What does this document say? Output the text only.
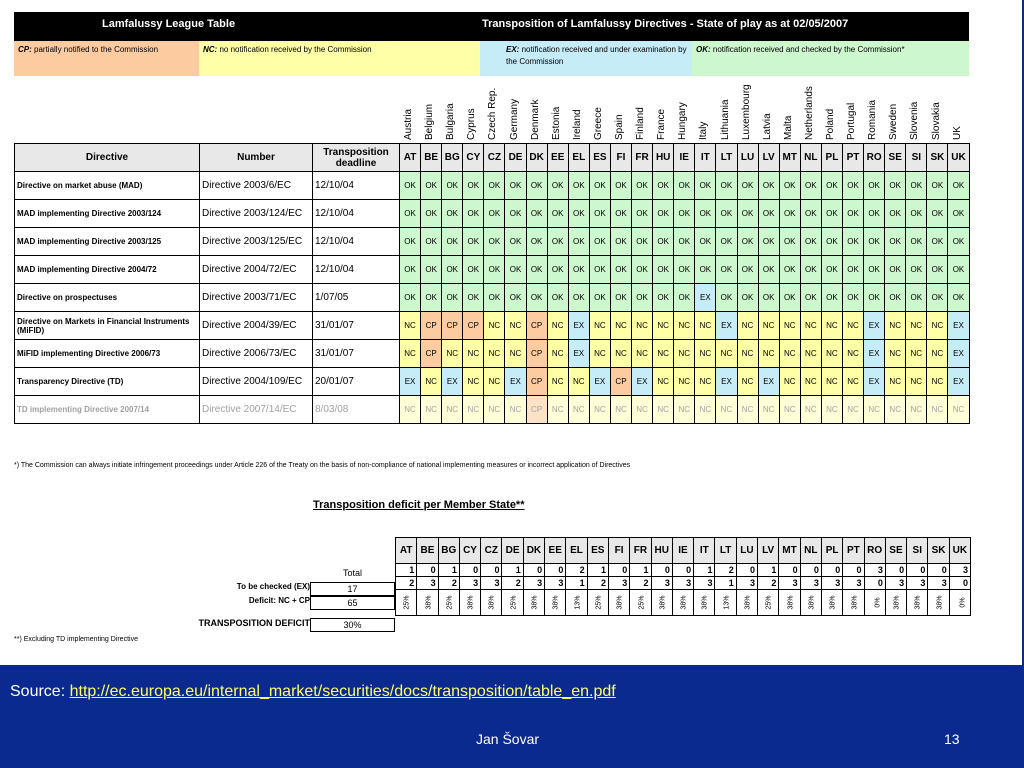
Lamfalussy League Table	Transposition of Lamfalussy Directives - State of play as at 02/05/2007
CP: partially notified to the Commission	NC: no notification received by the Commission	EX: notification received and under examination by the Commission
OK: notification received and checked by the Commission*
Austria Belgium Bulgaria Cyprus Czech Rep. Germany Denmark Estonia Ireland Greece Spain Finland France Hungary Italy Lithuania Luxembourg Latvia Malta Netherlands Poland Portugal Romania Sweden Slovenia Slovakia UK
Directive	Number	Transposition deadline	AT	BE	BG	CY	CZ	DE	DK	EE	EL	ES	FI	FR	HU	IE	IT	LT	LU	LV	MT	NL	PL	PT	RO	SE	SI	SK	UK
Directive on market abuse (MAD)	Directive 2003/6/EC	12/10/04	OK	OK	OK	OK	OK	OK	OK	OK	OK	OK	OK	OK	OK	OK	OK	OK	OK	OK	OK	OK	OK	OK	OK	OK	OK	OK	OK
MAD implementing Directive 2003/124	Directive 2003/124/EC	12/10/04	OK	OK	OK	OK	OK	OK	OK	OK	OK	OK	OK	OK	OK	OK	OK	OK	OK	OK	OK	OK	OK	OK	OK	OK	OK	OK	OK
MAD implementing Directive 2003/125	Directive 2003/125/EC	12/10/04	OK	OK	OK	OK	OK	OK	OK	OK	OK	OK	OK	OK	OK	OK	OK	OK	OK	OK	OK	OK	OK	OK	OK	OK	OK	OK	OK
MAD implementing Directive 2004/72	Directive 2004/72/EC	12/10/04	OK	OK	OK	OK	OK	OK	OK	OK	OK	OK	OK	OK	OK	OK	OK	OK	OK	OK	OK	OK	OK	OK	OK	OK	OK	OK	OK
Directive on prospectuses	Directive 2003/71/EC	1/07/05	OK	OK	OK	OK	OK	OK	OK	OK	OK	OK	OK	OK	OK	OK	EX	OK	OK	OK	OK	OK	OK	OK	OK	OK	OK	OK	OK
Directive on Markets in Financial Instruments (MiFID)	Directive 2004/39/EC	31/01/07	NC	CP	CP	CP	NC	NC	CP	NC	EX	NC	NC	NC	NC	NC	NC	EX	NC	NC	NC	NC	NC	NC	EX	NC	NC	NC	EX
MiFID implementing Directive 2006/73	Directive 2006/73/EC	31/01/07	NC	CP	NC	NC	NC	NC	CP	NC	EX	NC	NC	NC	NC	NC	NC	NC	NC	NC	NC	NC	NC	NC	EX	NC	NC	NC	EX
Transparency Directive (TD)	Directive 2004/109/EC	20/01/07	EX	NC	EX	NC	NC	EX	CP	NC	NC	EX	CP	EX	NC	NC	NC	EX	NC	EX	NC	NC	NC	NC	EX	NC	NC	NC	EX
TD implementing Directive 2007/14	Directive 2007/14/EC	8/03/08	NC	NC	NC	NC	NC	NC	CP	NC	NC	NC	NC	NC	NC	NC	NC	NC	NC	NC	NC	NC	NC	NC	NC	NC	NC	NC	NC
*) The Commission can always initiate infringement proceedings under Article 226 of the Treaty on the basis of non-compliance of national implementing measures or incorrect application of Directives
Transposition deficit per Member State**
Total
To be checked (EX)	17
Deficit: NC + CP	65
TRANSPOSITION DEFICIT	30%
AT	BE	BG	CY	CZ	DE	DK	EE	EL	ES	FI	FR	HU	IE	IT	LT	LU	LV	MT	NL	PL	PT	RO	SE	SI	SK	UK
1	0	1	0	0	1	0	0	2	1	0	1	0	0	1	2	0	1	0	0	0	0	3	0	0	0	3
2	3	2	3	3	2	3	3	1	2	3	2	3	3	3	1	3	2	3	3	3	3	0	3	3	3	0
25%	38%	25%	38%	38%	25%	38%	38%	13%	25%	38%	25%	38%	38%	38%	13%	38%	25%	38%	38%	38%	38%	0%	38%	38%	38%	0%
**) Excluding TD implementing Directive
Source: http://ec.europa.eu/internal_market/securities/docs/transposition/table_en.pdf
Jan Šovar	13
